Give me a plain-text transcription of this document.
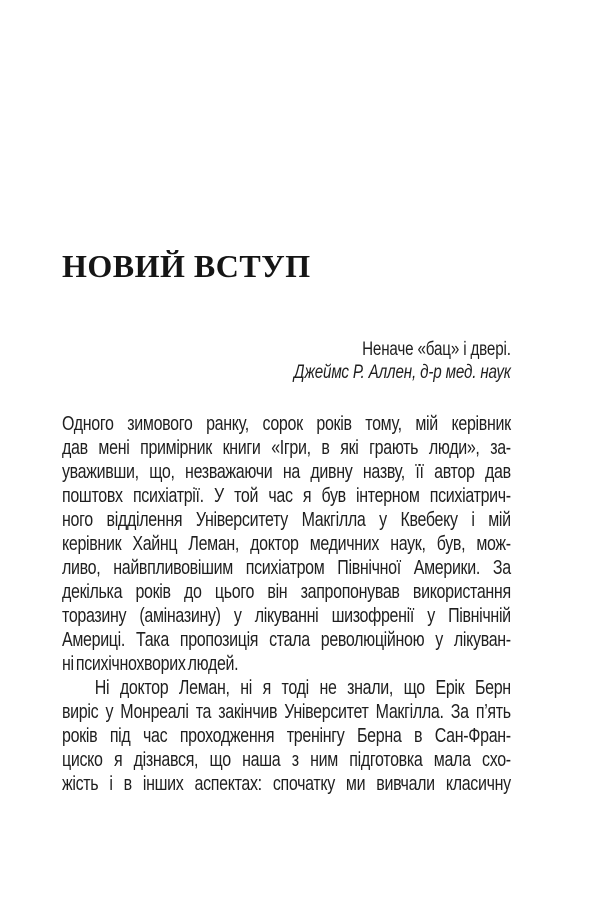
НОВИЙ ВСТУП
Неначе «бац» і двері.
Джеймс Р. Аллен, д-р мед. наук
Одного зимового ранку, сорок років тому, мій керівник
дав мені примірник книги «Ігри, в які грають люди», за-
уваживши, що, незважаючи на дивну назву, її автор дав
поштовх психіатрії. У той час я був інтерном психіатрич-
ного відділення Університету Макгілла у Квебеку і мій
керівник Хайнц Леман, доктор медичних наук, був, мож-
ливо, найвпливовішим психіатром Північної Америки. За
декілька років до цього він запропонував використання
торазину (аміназину) у лікуванні шизофренії у Північній
Америці. Така пропозиція стала революційною у лікуван-
ні психічнохворих людей.
Ні доктор Леман, ні я тоді не знали, що Ерік Берн
виріс у Монреалі та закінчив Університет Макгілла. За п’ять
років під час проходження тренінгу Берна в Сан-Фран-
циско я дізнався, що наша з ним підготовка мала схо-
жість і в інших аспектах: спочатку ми вивчали класичну
